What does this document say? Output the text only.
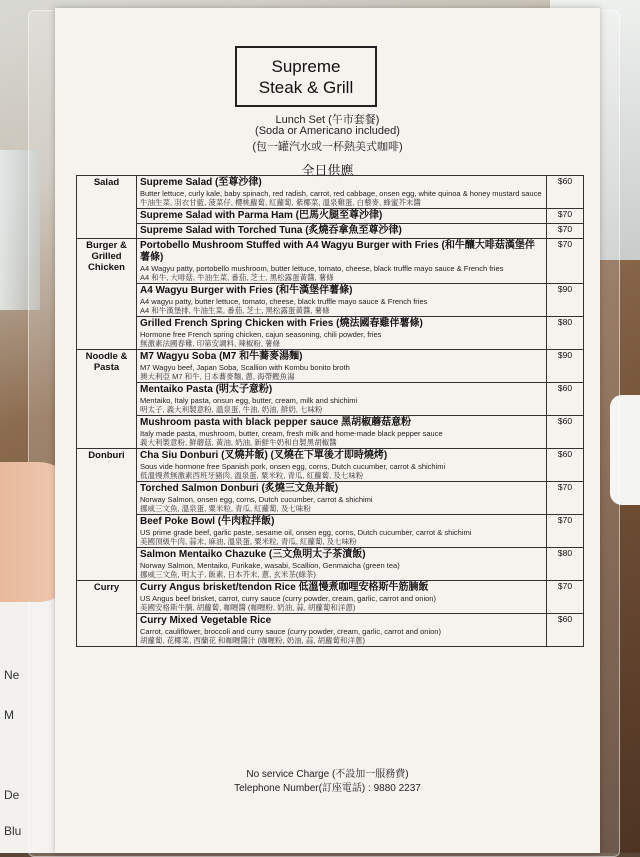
Ne
M
De
Blu
Supreme
Steak & Grill
Lunch Set (午市套餐)
(Soda or Americano included)
(包一罐汽水或一杯熱美式咖啡)
全日供應
Salad	Supreme Salad (至尊沙律)
Butter lettuce, curly kale, baby spinach, red radish, carrot, red cabbage, onsen egg, white quinoa & honey mustard sauce
牛油生菜, 羽衣甘藍, 菠菜仔, 櫻桃蘿蔔, 紅蘿蔔, 紫椰菜, 溫泉雞蛋, 白藜麥, 蜂蜜芥末醬	$60

	Supreme Salad with Parma Ham (巴馬火腿至尊沙律)	$70

	Supreme Salad with Torched Tuna (炙燒吞拿魚至尊沙律)	$70
Burger & Grilled Chicken	Portobello Mushroom Stuffed with A4 Wagyu Burger with Fries (和牛釀大啡菇漢堡伴薯條)
A4 Wagyu patty, portobello mushroom, butter lettuce, tomato, cheese, black truffle mayo sauce & French fries
A4 和牛, 大啡菇, 牛油生菜, 番茄, 芝士, 黑松露蛋黃醬, 薯條	$70

	A4 Wagyu Burger with Fries (和牛漢堡伴薯條)
A4 wagyu patty, butter lettuce, tomato, cheese, black truffle mayo sauce & French fries
A4 和牛漢堡排, 牛油生菜, 番茄, 芝士, 黑松露蛋黃醬, 薯條	$90

	Grilled French Spring Chicken with Fries (燒法國春雞伴薯條)
Hormone free French spring chicken, cajun seasoning, chili powder, fries
無激素法國春雞, 印第安調料, 辣椒粉, 薯條	$80
Noodle & Pasta	M7 Wagyu Soba (M7 和牛蕎麥湯麵)
M7 Wagyu beef, Japan Soba, Scallion with Kombu bonito broth
澳大利亞 M7 和牛, 日本蕎麥麵, 蔥, 海帶鰹魚湯	$90

	Mentaiko Pasta (明太子意粉)
Mentaiko, Italy pasta, onsun egg, butter, cream, milk and shichimi
明太子, 義大利製意粉, 溫泉蛋, 牛油, 奶油, 鮮奶, 七味粉	$60

	Mushroom pasta with black pepper sauce 黑胡椒蘑菇意粉
Italy made pasta, mushroom, butter, cream, fresh milk and home-made black pepper sauce
義大利製意粉, 鮮蘑菇, 黃油, 奶油, 新鮮牛奶和自製黑胡椒醬	$60
Donburi	Cha Siu Donburi (叉燒丼飯) (叉燒在下單後才即時燒烤)
Sous vide hormone free Spanish pork, onsen egg, corns, Dutch cucumber, carrot & shichimi
低溫慢煮無激素西班牙豬肉, 溫泉蛋, 粟米粒, 青瓜, 紅蘿蔔, 及七味粉	$60

	Torched Salmon Donburi (炙燒三文魚丼飯)
Norway Salmon, onsen egg, corns, Dutch cucumber, carrot & shichimi
挪威三文魚, 溫泉蛋, 粟米粒, 青瓜, 紅蘿蔔, 及七味粉	$70

	Beef Poke Bowl (牛肉粒拌飯)
US prime grade beef, garlic paste, sesame oil, onsen egg, corns, Dutch cucumber, carrot & shichimi
美國頂級牛肉, 蒜末, 麻油, 溫泉蛋, 粟米粒, 青瓜, 紅蘿蔔, 及七味粉	$70

	Salmon Mentaiko Chazuke (三文魚明太子茶漬飯)
Norway Salmon, Mentaiko, Furikake, wasabi, Scallion, Genmaicha (green tea)
挪威三文魚, 明太子, 飯素, 日本芥末, 蔥, 玄米茶(綠茶)	$80
Curry	Curry Angus brisket/tendon Rice 低溫慢煮咖哩安格斯牛筋腩飯
US Angus beef brisket, carrot, curry sauce (curry powder, cream, garlic, carrot and onion)
美國安格斯牛腩, 胡蘿蔔, 咖喱醬 (咖喱粉, 奶油, 蒜, 胡蘿蔔和洋蔥)	$70

	Curry Mixed Vegetable Rice
Carrot, cauliflower, broccoli and curry sauce (curry powder, cream, garlic, carrot and onion)
胡蘿蔔, 花椰菜, 西蘭花 和咖喱醬汁 (咖喱粉, 奶油, 蒜, 胡蘿蔔和洋蔥)	$60
No service Charge (不設加一服務費)
Telephone Number(訂座電話) : 9880 2237
